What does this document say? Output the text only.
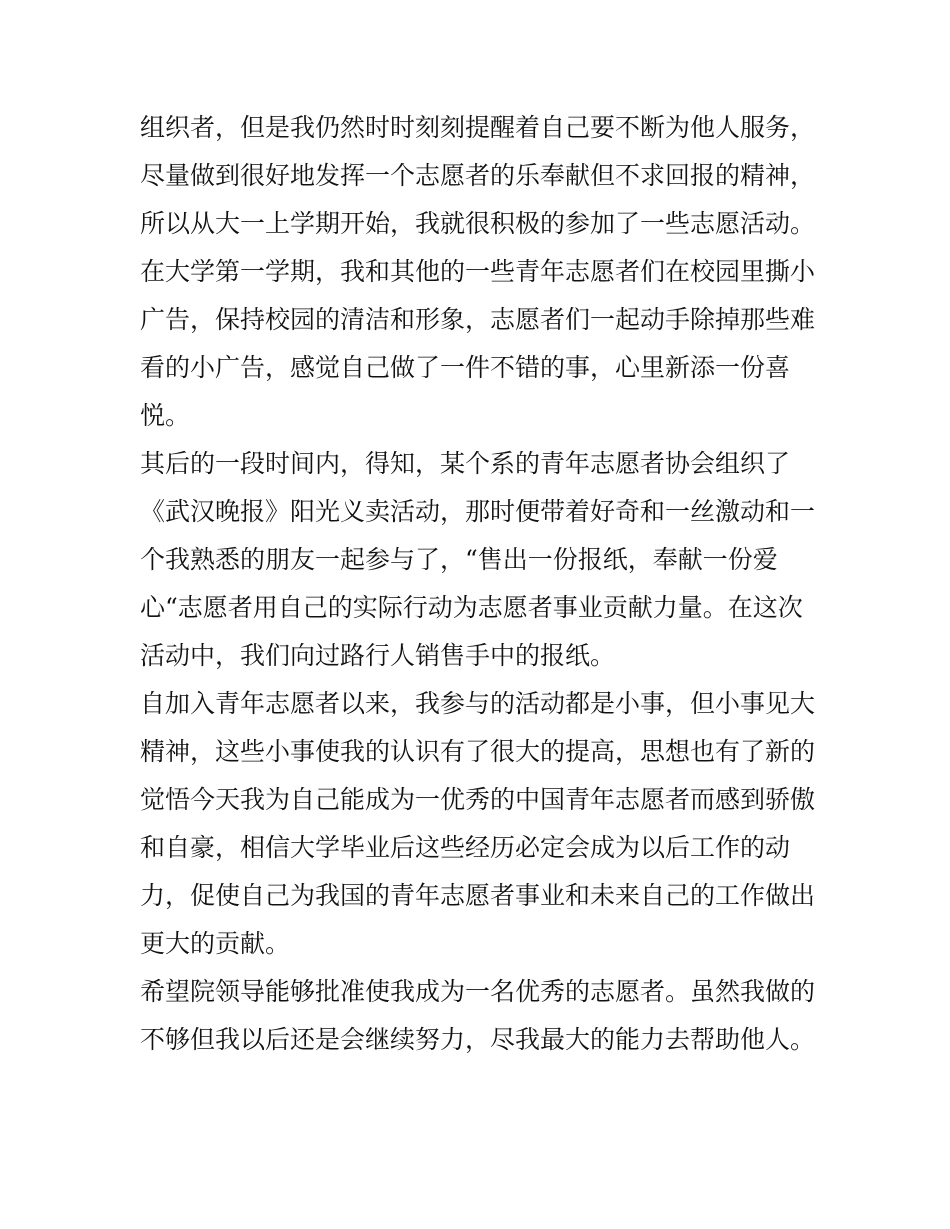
组织者，但是我仍然时时刻刻提醒着自己要不断为他人服务，
尽量做到很好地发挥一个志愿者的乐奉献但不求回报的精神，
所以从大一上学期开始，我就很积极的参加了一些志愿活动。
在大学第一学期，我和其他的一些青年志愿者们在校园里撕小
广告，保持校园的清洁和形象，志愿者们一起动手除掉那些难
看的小广告，感觉自己做了一件不错的事，心里新添一份喜
悦。
其后的一段时间内，得知，某个系的青年志愿者协会组织了
《武汉晚报》阳光义卖活动，那时便带着好奇和一丝激动和一
个我熟悉的朋友一起参与了，“售出一份报纸，奉献一份爱
心“志愿者用自己的实际行动为志愿者事业贡献力量。在这次
活动中，我们向过路行人销售手中的报纸。
自加入青年志愿者以来，我参与的活动都是小事，但小事见大
精神，这些小事使我的认识有了很大的提高，思想也有了新的
觉悟今天我为自己能成为一优秀的中国青年志愿者而感到骄傲
和自豪，相信大学毕业后这些经历必定会成为以后工作的动
力，促使自己为我国的青年志愿者事业和未来自己的工作做出
更大的贡献。
希望院领导能够批准使我成为一名优秀的志愿者。虽然我做的
不够但我以后还是会继续努力，尽我最大的能力去帮助他人。
